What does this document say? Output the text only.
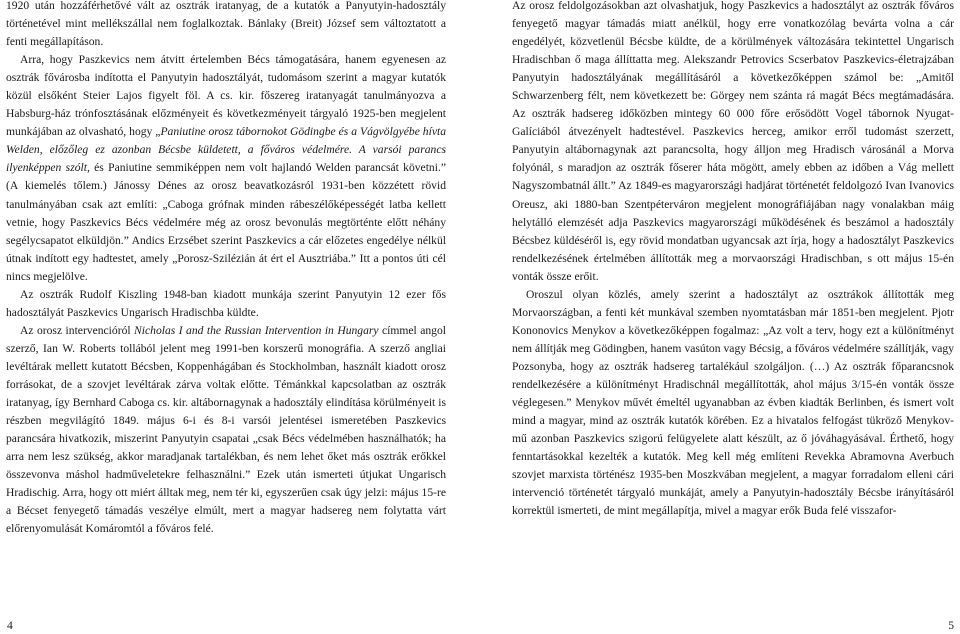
1920 után hozzáférhetővé vált az osztrák iratanyag, de a kutatók a Panyutyin-hadosztály történetével mint mellékszállal nem foglalkoztak. Bánlaky (Breit) József sem változtatott a fenti megállapításon.

Arra, hogy Paszkevics nem átvitt értelemben Bécs támogatására, hanem egyenesen az osztrák fővárosba indította el Panyutyin hadosztályát, tudomásom szerint a magyar kutatók közül elsőként Steier Lajos figyelt föl. A cs. kir. főszereg iratanyagát tanulmányozva a Habsburg-ház trónfosztásának előzményeit és következményeit tárgyaló 1925-ben megjelent munkájában az olvasható, hogy „Paniutine orosz tábornokot Gödingbe és a Vágvölgyébe hívta Welden, előzőleg ez azonban Bécsbe küldetett, a főváros védelmére. A varsói parancs ilyenképpen szólt, és Paniutine semmiképpen nem volt hajlandó Welden parancsát követni.” (A kiemelés tőlem.) Jánossy Dénes az orosz beavatkozásról 1931-ben közzétett rövid tanulmányában csak azt említi: „Caboga grófnak minden rábeszélőképességét latba kellett vetnie, hogy Paszkevics Bécs védelmére még az orosz bevonulás megtörténte előtt néhány segélycsapatot elküldjön.” Andics Erzsébet szerint Paszkevics a cár előzetes engedélye nélkül útnak indított egy hadtestet, amely „Porosz-Szilézián át ért el Ausztriába.” Itt a pontos úti cél nincs megjelölve.

Az osztrák Rudolf Kiszling 1948-ban kiadott munkája szerint Panyutyin 12 ezer fős hadosztályát Paszkevics Ungarisch Hradischba küldte.

Az orosz intervencióról Nicholas I and the Russian Intervention in Hungary címmel angol szerző, Ian W. Roberts tollából jelent meg 1991-ben korszerű monográfia. A szerző angliai levéltárak mellett kutatott Bécsben, Koppenhágában és Stockholmban, használt kiadott orosz forrásokat, de a szovjet levéltárak zárva voltak előtte. Témánkkal kapcsolatban az osztrák iratanyag, így Bernhard Caboga cs. kir. altábornagynak a hadosztály elindítása körülményeit is részben megvilágító 1849. május 6-i és 8-i varsói jelentései ismeretében Paszkevics parancsára hivatkozik, miszerint Panyutyin csapatai „csak Bécs védelmében használhatók; ha arra nem lesz szükség, akkor maradjanak tartalékban, és nem lehet őket más osztrák erőkkel összevonva máshol hadműveletekre felhasználni.” Ezek után ismerteti útjukat Ungarisch Hradischig. Arra, hogy ott miért álltak meg, nem tér ki, egyszerűen csak úgy jelzi: május 15-re a Bécset fenyegető támadás veszélye elmúlt, mert a magyar hadsereg nem folytatta várt előrenyomulását Komáromtól a főváros felé.

4

Az orosz feldolgozásokban azt olvashatjuk, hogy Paszkevics a hadosztályt az osztrák főváros fenyegető magyar támadás miatt anélkül, hogy erre vonatkozólag bevárta volna a cár engedélyét, közvetlenül Bécsbe küldte, de a körülmények változására tekintettel Ungarisch Hradischban ő maga állíttatta meg. Alekszandr Petrovics Scserbatov Paszkevics-életrajzában Panyutyin hadosztályának megállításáról a következőképpen számol be: „Amitől Schwarzenberg félt, nem következett be: Görgey nem szánta rá magát Bécs megtámadására. Az osztrák hadsereg időközben mintegy 60 000 főre erősödött Vogel tábornok Nyugat-Galíciából átvezényelt hadtestével. Paszkevics herceg, amikor erről tudomást szerzett, Panyutyin altábornagynak azt parancsolta, hogy álljon meg Hradisch városánál a Morva folyónál, s maradjon az osztrák főserег háta mögött, amely ebben az időben a Vág mellett Nagyszombatnál állt.” Az 1849-es magyarországi hadjárat történetét feldolgozó Ivan Ivanovics Oreusz, aki 1880-ban Szentpéterváron megjelent monográfiájában nagy vonalakban máig helytálló elemzését adja Paszkevics magyarországi működésének és beszámol a hadosztály Bécsbez küldéséről is, egy rövid mondatban ugyancsak azt írja, hogy a hadosztályt Paszkevics rendelkezésének értelmében állították meg a morvaországi Hradischban, s ott május 15-én vonták össze erőit.

Oroszul olyan közlés, amely szerint a hadosztályt az osztrákok állították meg Morvaországban, a fenti két munkával szemben nyomtatásban már 1851-ben megjelent. Pjotr Kononovics Menykov a következőképpen fogalmaz: „Az volt a terv, hogy ezt a különítményt nem állítják meg Gödingben, hanem vasúton vagy Bécsig, a főváros védelmére szállítják, vagy Pozsonyba, hogy az osztrák hadsereg tartalékául szolgáljon. (…) Az osztrák főparancsnok rendelkezésére a különítményt Hradischnál megállították, ahol május 3/15-én vonták össze véglegesen.” Menykov művét émeltél ugyanabban az évben kiadták Berlinben, és ismert volt mind a magyar, mind az osztrák kutatók körében. Ez a hivatalos felfogást tükröző Menykov-mű azonban Paszkevics szigorú felügyelete alatt készült, az ő jóváhagyásával. Érthető, hogy fenntartásokkal kezelték a kutatók. Meg kell még említeni Revekka Abramovna Averbuch szovjet marxista történész 1935-ben Moszkvában megjelent, a magyar forradalom elleni cári intervenció történetét tárgyaló munkáját, amely a Panyutyin-hadosztály Bécsbe irányításáról korrektül ismerteti, de mint megállapítja, mivel a magyar erők Buda felé visszafor-

5
